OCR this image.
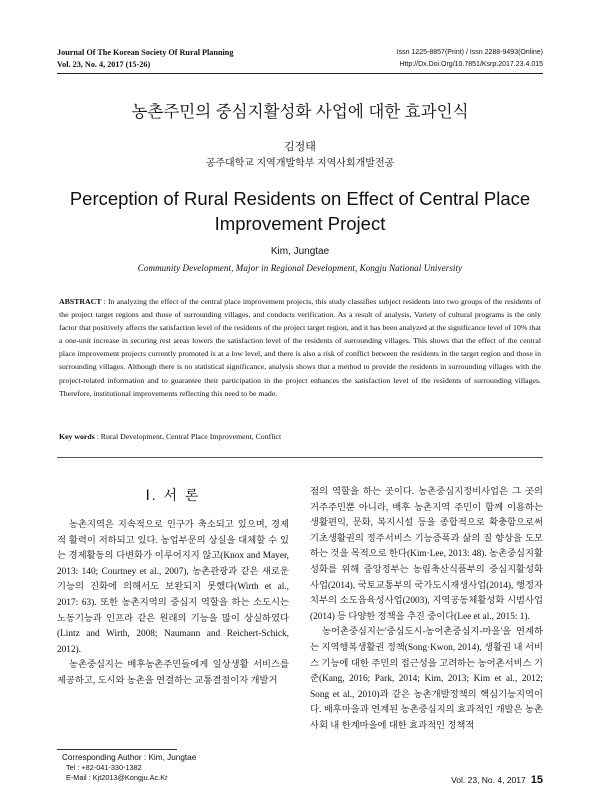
Journal Of The Korean Society Of Rural Planning
Vol. 23, No. 4, 2017 (15-26)
Issn 1225-8857(Print) / Issn 2288-9493(Online)
Http://Dx.Doi.Org/10.7851/Ksrp.2017.23.4.015
농촌주민의 중심지활성화 사업에 대한 효과인식
김정태
공주대학교 지역개발학부 지역사회개발전공
Perception of Rural Residents on Effect of Central Place Improvement Project
Kim, Jungtae
Community Development, Major in Regional Development, Kongju National University
ABSTRACT : In analyzing the effect of the central place improvement projects, this study classifies subject residents into two groups of the residents of the project target regions and those of surrounding villages, and conducts verification. As a result of analysis, Variety of cultural programs is the only factor that positively affects the satisfaction level of the residents of the project target region, and it has been analyzed at the significance level of 10% that a one-unit increase in securing rest areas lowers the satisfaction level of the residents of surrounding villages. This shows that the effect of the central place improvement projects currently promoted is at a low level, and there is also a risk of conflict between the residents in the target region and those in surrounding villages. Although there is no statistical significance, analysis shows that a method to provide the residents in surrounding villages with the project-related information and to guarantee their participation in the project enhances the satisfaction level of the residents of surrounding villages. Therefore, institutional improvements reflecting this need to be made.
Key words : Rural Development, Central Place Improvement, Conflict
Ⅰ. 서 론

농촌지역은 지속적으로 인구가 축소되고 있으며, 경제적 활력이 저하되고 있다. 농업부문의 상실을 대체할 수 있는 경제활동의 다변화가 이루어지지 않고(Knox and Mayer, 2013: 140; Courtney et al., 2007), 농촌관광과 같은 새로운 기능의 진화에 의해서도 보완되지 못했다(Wirth et al., 2017: 63). 또한 농촌지역의 중심지 역할을 하는 소도시는 노동기능과 인프라 같은 원래의 기능을 많이 상실하였다(Lintz and Wirth, 2008; Naumann and Reichert-Schick, 2012).

농촌중심지는 배후농촌주민들에게 일상생활 서비스를 제공하고, 도시와 농촌을 연결하는 교통결절이자 개발거

점의 역할을 하는 곳이다. 농촌중심지정비사업은 그 곳의 거주주민뿐 아니라, 배후 농촌지역 주민이 함께 이용하는 생활편익, 문화, 복지시설 등을 종합적으로 확충함으로써 기초생활권의 정주서비스 기능증폭과 삶의 질 향상을 도모하는 것을 목적으로 한다(Kim·Lee, 2013: 48). 농촌중심지활성화를 위해 중앙정부는 농림축산식품부의 중심지활성화사업(2014), 국토교통부의 국가도시재생사업(2014), 행정자치부의 소도읍육성사업(2003), 지역공동체활성화 시범사업(2014) 등 다양한 정책을 추진 중이다(Lee et al., 2015: 1).

농어촌중심지는'중심도시-농어촌중심지-마을'을 연계하는 지역행복생활권 정책(Song·Kwon, 2014), 생활권 내 서비스 기능에 대한 주민의 접근성을 고려하는 농어촌서비스 기준(Kang, 2016; Park, 2014; Kim, 2013; Kim et al., 2012; Song et al., 2010)과 같은 농촌개발정책의 핵심기능지역이다. 배후마을과 연계된 농촌중심지의 효과적인 개발은 농촌사회 내 한계마을에 대한 효과적인 정책적

Corresponding Author : Kim, Jungtae
Tel : +82-041-330-1382
E-Mail : Kjt2013@Kongju.Ac.Kr	Vol. 23, No. 4, 2017 15
